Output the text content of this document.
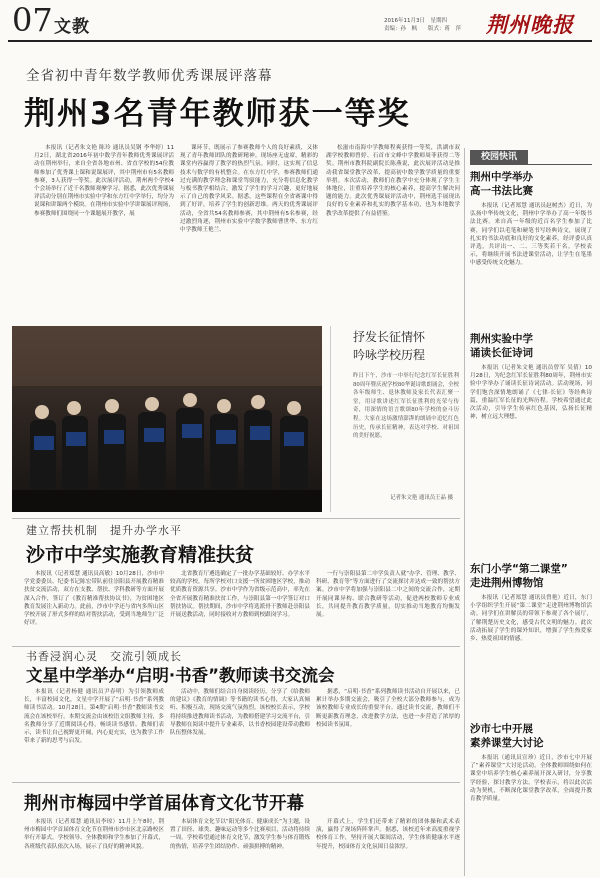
07 文教	2016年11月3日　星期四
责编：孙　枫　　版式：蒋　萍	荆州晚报
全省初中青年数学教师优秀课展评落幕
荆州3名青年教师获一等奖

本报讯（记者朱文艳 陈玲 通讯员吴钢 李华婷）11月2日，湖北省2016年初中数学青年教师优秀课展评活动在荆州举行，来自全省各地市州、省直学校的54位教师参加了优秀课上课和说课展评，其中荆州市有5名教师参赛，3人获得一等奖。此次展评活动，荆州两个学校4个会场举行了近千名教师观摩学习。据悉，此次优秀课展评活动分别在荆州市实验中学和东方红中学举行，均分为说课和讲课两个模块。在荆州市实验中学讲课展评现场，参赛教师们围绕同一个课题展开教学，展

课环节，既展示了参赛教师个人的良好素质，又体现了青年教师团队的教研精神。现场座无虚席，精彩的课堂内容赢得了教学的热烈气氛。同时，这实现了信息技术与数学的有机整合。在东方红中学，参赛教师们通过充满的教学理念和课堂驾驭能力，充分将信息化教学与板书教学相结合，激发了学生的学习兴趣，更好地展示了自己的教学风采。据悉，这些课程在全省赛课中得到了好评，培养了学生的创新思维。两天的优秀课展评活动，全省共54名教师参赛，其中荆州有5名参赛，经过激烈角逐，荆州市实验中学数学教师曹世华、东方红中学教师王艳兰、

松滋市南海中学教师程爽获得一等奖，洪湖市双湖学校教师曾婷、石首市文峰中学教师周菲获得二等奖。荆州市教科院副院长陈燕说，此次展评活动是推动我省课堂教学改革、提高初中数学教学质量的重要举措。本次活动，教师们在教学中充分体现了学生主体地位，注重培养学生的核心素养，提高学生解决问题的能力。此次优秀课展评活动中，荆州选手展现出良好的专业素养和扎实的教学基本功，也为本地数学教学改革提供了有益借鉴。

抒发长征情怀
吟咏学校历程
昨日下午，沙市一中举行纪念红军长征胜利80周年暨庆祝学校80华诞诗歌朗诵会，全校各年级师生、退休教师及家长代表汇聚一堂，用诗歌讲述红军长征胜利的光荣与传奇，用深情的语言歌颂80年学校的奋斗历程。大家在这场激情澎湃的朗诵中追忆红色历史，传承长征精神，表达对学校、对祖国的美好祝愿。
记者朱文艳 通讯员王晶 摄
建立帮扶机制　提升办学水平
沙市中学实施教育精准扶贫

本报讯（记者郑慧 通讯员高敏）10月28日，沙市中学党委委员、纪委书记陈宏带队前往崇阳县开展教育精准扶贫交流活动，双方在支教、帮扶、学科教研等方面开展深入合作，签订了《教育精准帮扶协议书》，为贫困地区教育发展注入新动力。此前，沙市中学还与省内多所山区学校开展了形式多样的结对帮扶活动，受到当地师生广泛好评。

北省教育厅遴选确定了一批办学基础较好、办学水平较高的学校，每所学校对口支援一所贫困地区学校，推动优质教育资源共享。沙市中学作为省级示范高中，率先在全省开展教育精准扶贫工作，与崇阳县第一中学签订对口帮扶协议。帮扶期间，沙市中学将选派骨干教师赴崇阳县开展送教活动，同时接收对方教师到校跟岗学习。

一行与崇阳县第二中学负责人就“办学、管理、教学、科研、教育等”等方面进行了交流探讨并达成一致的帮扶方案。沙市中学将加强与崇阳县二中之间的交流合作，定期开展同课异构、联合教研等活动，促进两校教师专业成长，共同提升教育教学质量，切实推动当地教育均衡发展。

书香浸润心灵　交流引领成长
文星中学举办“启明·书香”教师读书交流会

本报讯（记者杨健 通讯员尹春明）为引领教师成长，丰富校园文化，文星中学开展了“启明·书香”系列教师读书活动。10月28日，第4期“启明·书香”教师读书交流会在该校举行。本期交流会由该校语文组教师主持，多名教师分享了近期阅读心得，畅谈读书感悟。教师们表示，读书让自己视野更开阔，内心更充实，也为教学工作带来了新的思考与启发。

活动中，教师们结合自身阅读经历，分享了《给教师的建议》《教育的情调》等书籍的读书心得，大家认真倾听、积极互动，现场交流气氛热烈。该校校长表示，学校将持续推进教师读书活动，为教师搭建学习交流平台，引导教师在阅读中提升专业素养，以书香校园建设带动教师队伍整体发展。

据悉，“启明·书香”系列教师读书活动自开展以来，已累计举办多期交流会，吸引了全校大部分教师参与，成为该校教师专业成长的重要平台。通过读书交流，教师们不断更新教育理念，改进教学方法，也进一步营造了浓厚的校园读书氛围。

荆州市梅园中学首届体育文化节开幕

本报讯（记者郑慧 通讯员李琼）11月上午8时，荆州市梅园中学首届体育文化节在荆州市沙市区北京路校区举行开幕式。学校领导、全体教师和学生参加了开幕式，各班级代表队依次入场，展示了良好的精神风貌。

本届体育文化节以“阳光体育、健康成长”为主题，设置了田径、球类、趣味运动等多个比赛项目，活动将持续一周。学校希望通过体育文化节，激发学生参与体育锻炼的热情，培养学生团结协作、顽强拼搏的精神。

开幕式上，学生们还带来了精彩的团体操和武术表演，赢得了现场阵阵掌声。据悉，该校近年来高度重视学校体育工作，坚持开展大课间活动，学生体质健康水平逐年提升，校园体育文化氛围日益浓厚。

校园快讯
荆州中学举办
高一书法比赛

本报讯（记者郑慧 通讯员赵树杰）近日，为弘扬中华传统文化，荆州中学举办了高一年级书法比赛。来自高一年级的近百名学生参加了比赛，同学们以毛笔和硬笔书写经典诗文，展现了扎实的书法功底和良好的文化素养。经评委认真评选，共评出一、二、三等奖若干名。学校表示，将继续开展书法进课堂活动，让学生在笔墨中感受传统文化魅力。

荆州实验中学
诵读长征诗词

本报讯（记者朱文艳 通讯员曾军 吴倩）10月28日，为纪念红军长征胜利80周年，荆州市实验中学举办了诵读长征诗词活动。活动现场，同学们饱含深情地朗诵了《七律·长征》等经典诗篇，重温红军长征的光辉历程。学校希望通过此次活动，引导学生传承红色基因，弘扬长征精神，树立远大理想。

东门小学“第二课堂”
走进荆州博物馆

本报讯（记者郑慧 通讯员曾艳）近日，东门小学组织学生开展“第二课堂”走进荆州博物馆活动。同学们在讲解员的带领下参观了各个展厅，了解荆楚历史文化，感受古代文明的魅力。此次活动拓展了学生的课外知识，增强了学生热爱家乡、热爱祖国的情感。

沙市七中开展
素养课堂大讨论

本报讯（通讯员宣珍）近日，沙市七中开展了“素养课堂”大讨论活动。全体教师围绕如何在课堂中培养学生核心素养展开深入研讨，分享教学经验，探讨教学方法。学校表示，将以此次活动为契机，不断深化课堂教学改革，全面提升教育教学质量。
